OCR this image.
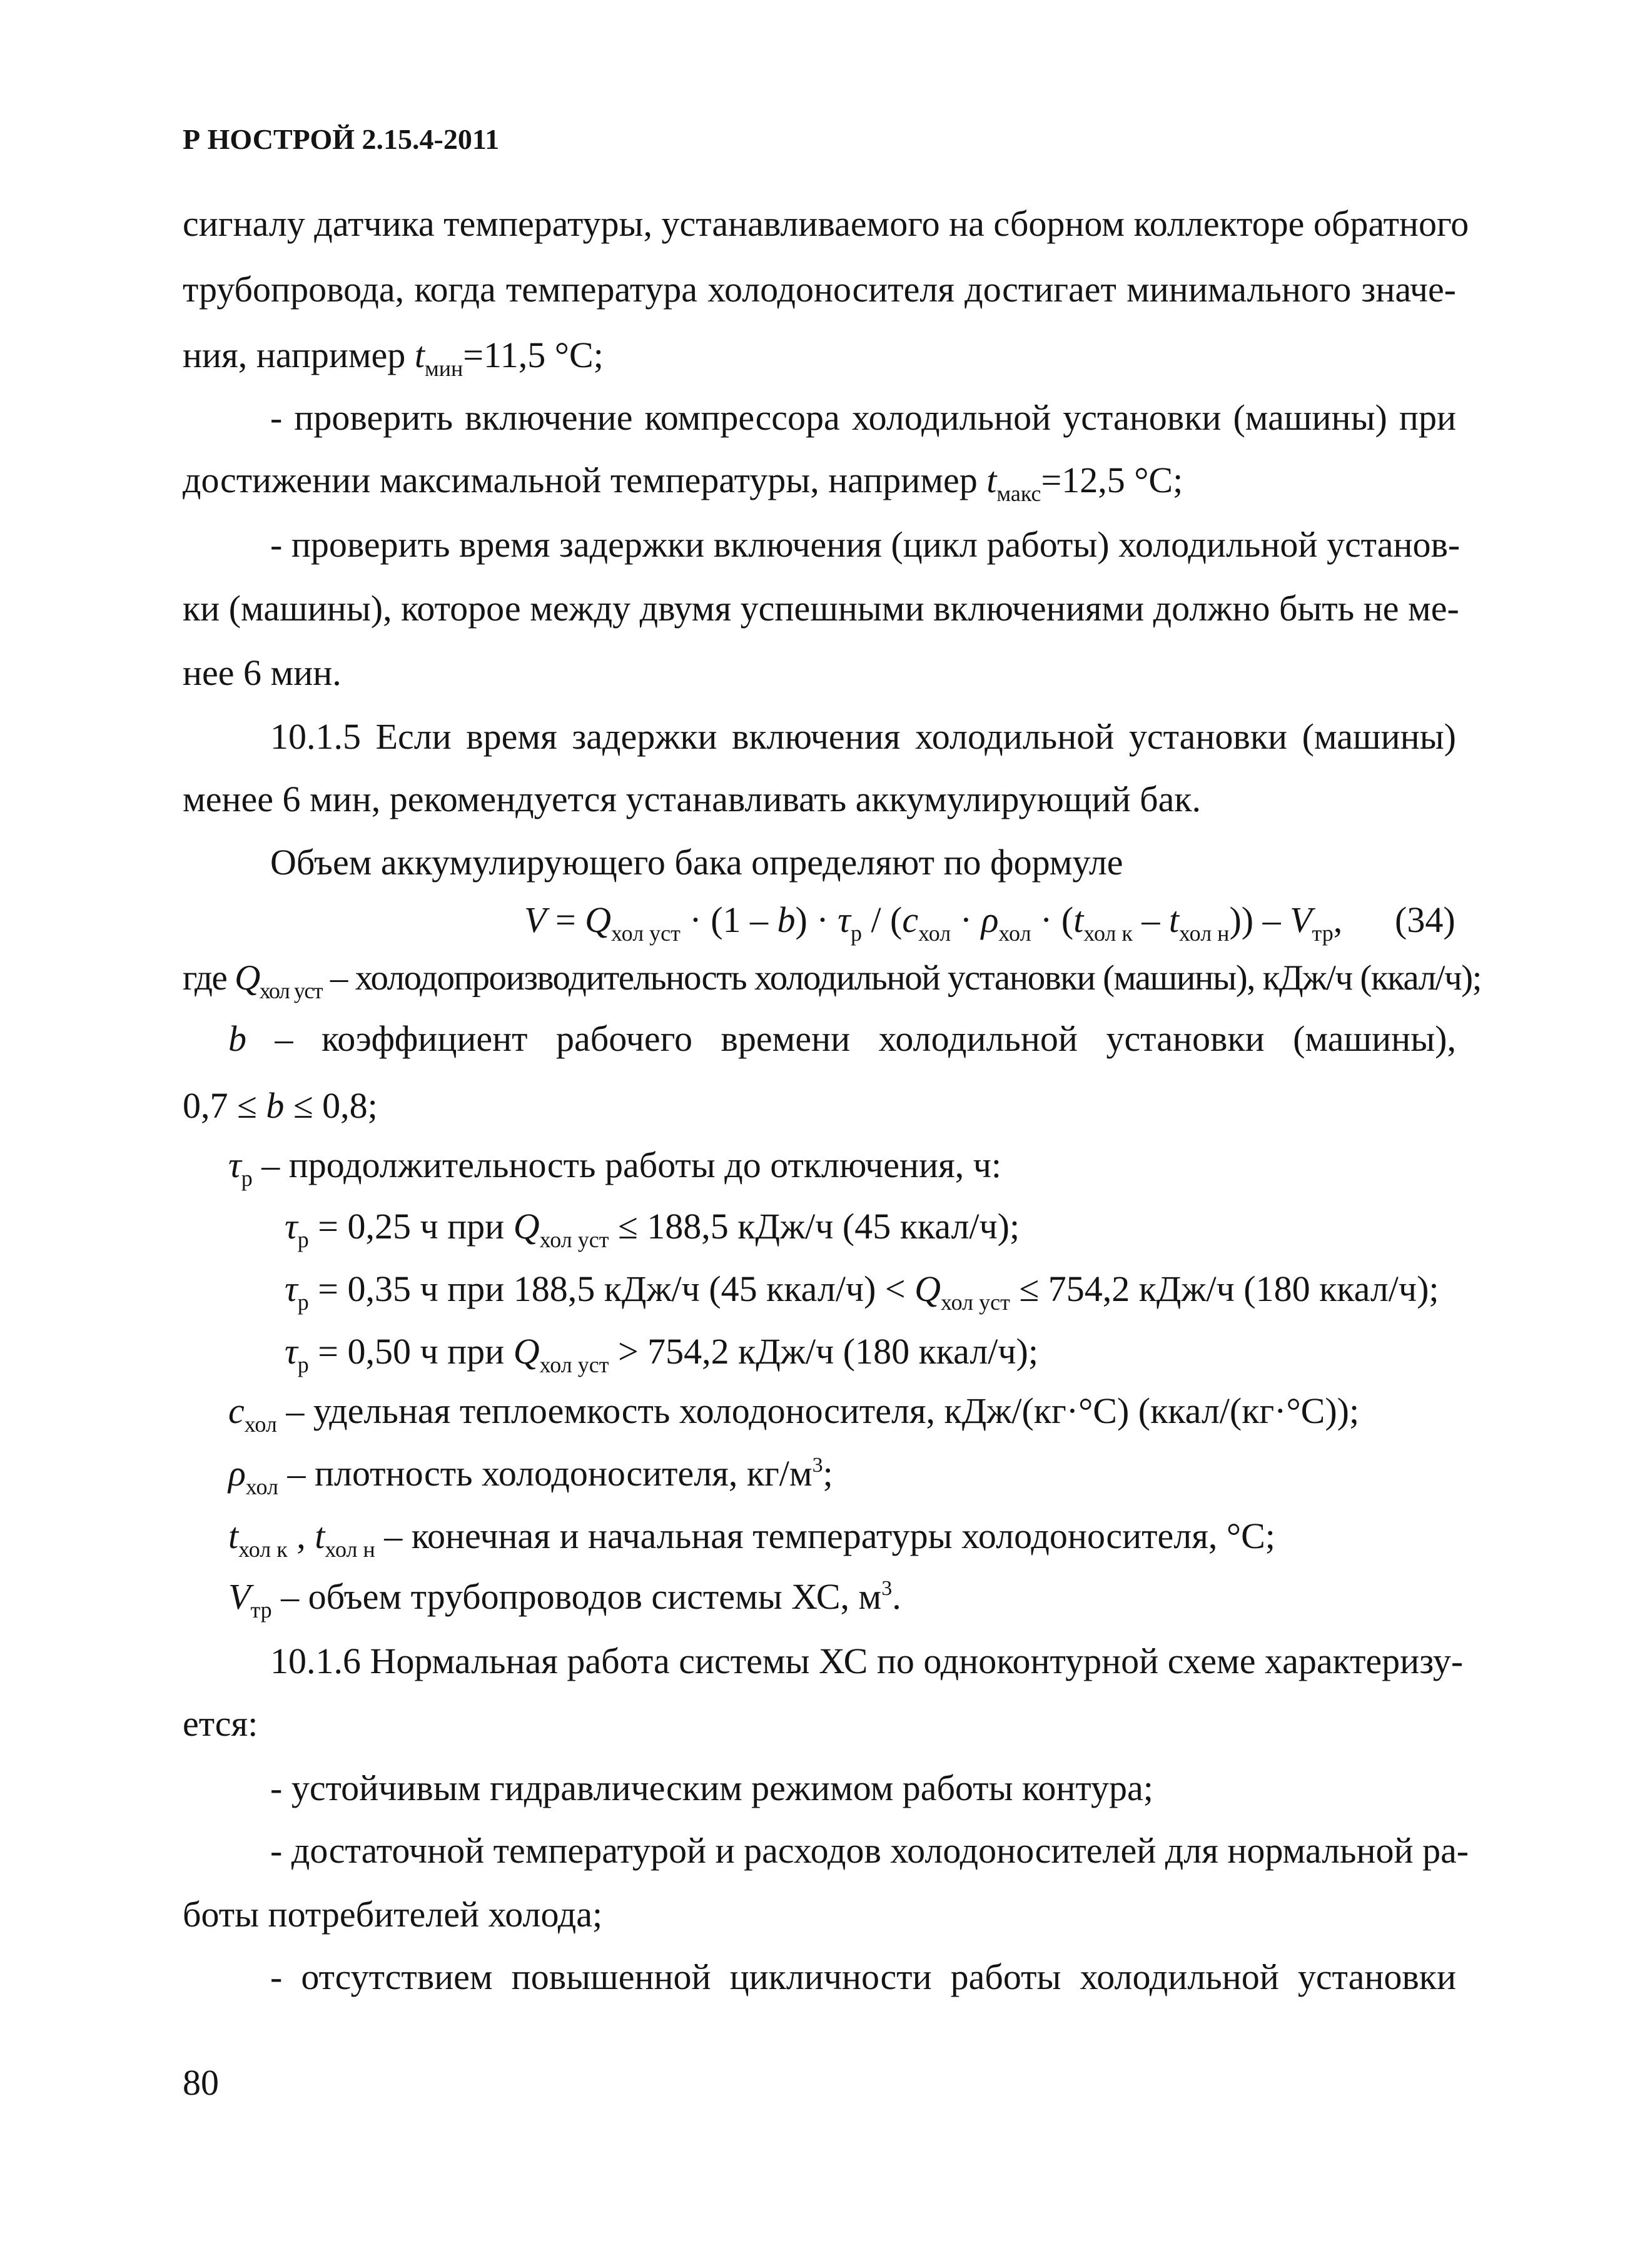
Р НОСТРОЙ 2.15.4-2011
сигналу датчика температуры, устанавливаемого на сборном коллекторе обратного
трубопровода, когда температура холодоносителя достигает минимального значе-
ния, например $t_{мин}=11,5$ °С;
- проверить включение компрессора холодильной установки (машины) при
достижении максимальной температуры, например $t_{макс}=12,5$ °С;
- проверить время задержки включения (цикл работы) холодильной установ-
ки (машины), которое между двумя успешными включениями должно быть не ме-
нее 6 мин.
10.1.5 Если время задержки включения холодильной установки (машины)
менее 6 мин, рекомендуется устанавливать аккумулирующий бак.
Объем аккумулирующего бака определяют по формуле
$V = Q_{хол уст} \cdot (1 - b) \cdot \tau_р / (c_{хол} \cdot \rho_{хол} \cdot (t_{хол к} - t_{хол н})) - V_{тр}$, (34)
где $Q_{хол уст}$ – холодопроизводительность холодильной установки (машины), кДж/ч (ккал/ч);
b – коэффициент рабочего времени холодильной установки (машины),
0,7 ≤ b ≤ 0,8;
$\tau_р$ – продолжительность работы до отключения, ч:
$\tau_р = 0,25$ ч при $Q_{хол уст} \le 188,5$ кДж/ч (45 ккал/ч);
$\tau_р = 0,35$ ч при 188,5 кДж/ч (45 ккал/ч) < $Q_{хол уст} \le 754,2$ кДж/ч (180 ккал/ч);
$\tau_р = 0,50$ ч при $Q_{хол уст} > 754,2$ кДж/ч (180 ккал/ч);
$c_{хол}$ – удельная теплоемкость холодоносителя, кДж/(кг·°С) (ккал/(кг·°С));
$\rho_{хол}$ – плотность холодоносителя, $кг/м^3$;
$t_{хол к}$ , $t_{хол н}$ – конечная и начальная температуры холодоносителя, °С;
$V_{тр}$ – объем трубопроводов системы ХС, $м^3$.
10.1.6 Нормальная работа системы ХС по одноконтурной схеме характеризу-
ется:
- устойчивым гидравлическим режимом работы контура;
- достаточной температурой и расходов холодоносителей для нормальной ра-
боты потребителей холода;
- отсутствием повышенной цикличности работы холодильной установки
80
